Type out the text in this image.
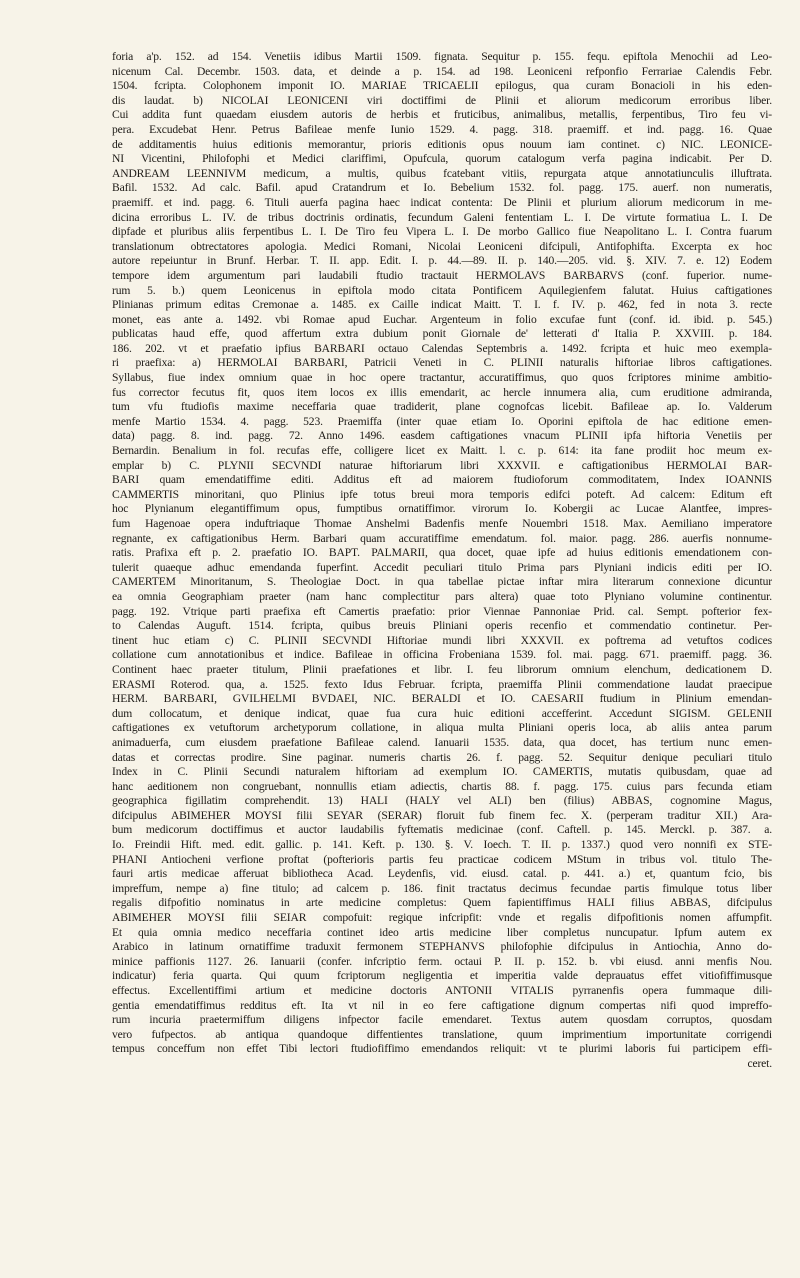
foria a'p. 152. ad 154. Venetiis idibus Martii 1509. fignata. Sequitur p. 155. fequ. epiftola Menochii ad Leo-
nicenum Cal. Decembr. 1503. data, et deinde a p. 154. ad 198. Leoniceni refponfio Ferrariae Calendis Febr.
1504. fcripta. Colophonem imponit IO. MARIAE TRICAELII epilogus, qua curam Bonacioli in his eden-
dis laudat. b) NICOLAI LEONICENI viri doctiffimi de Plinii et aliorum medicorum erroribus liber.
Cui addita funt quaedam eiusdem autoris de herbis et fruticibus, animalibus, metallis, ferpentibus, Tiro feu vi-
pera. Excudebat Henr. Petrus Bafileae menfe Iunio 1529. 4. pagg. 318. praemiff. et ind. pagg. 16. Quae
de additamentis huius editionis memorantur, prioris editionis opus nouum iam continet. c) NIC. LEONICE-
NI Vicentini, Philofophi et Medici clariffimi, Opufcula, quorum catalogum verfa pagina indicabit. Per D.
ANDREAM LEENNIVM medicum, a multis, quibus fcatebant vitiis, repurgata atque annotatiunculis illuftrata.
Bafil. 1532. Ad calc. Bafil. apud Cratandrum et Io. Bebelium 1532. fol. pagg. 175. auerf. non numeratis,
praemiff. et ind. pagg. 6. Tituli auerfa pagina haec indicat contenta: De Plinii et plurium aliorum medicorum in me-
dicina erroribus L. IV. de tribus doctrinis ordinatis, fecundum Galeni fententiam L. I. De virtute formatiua L. I. De
dipfade et pluribus aliis ferpentibus L. I. De Tiro feu Vipera L. I. De morbo Gallico fiue Neapolitano L. I. Contra fuarum
translationum obtrectatores apologia. Medici Romani, Nicolai Leoniceni difcipuli, Antifophifta. Excerpta ex hoc
autore repeiuntur in Brunf. Herbar. T. II. app. Edit. I. p. 44.—89. II. p. 140.—205. vid. §. XIV. 7. e. 12) Eodem
tempore idem argumentum pari laudabili ftudio tractauit HERMOLAVS BARBARVS (conf. fuperior. nume-
rum 5. b.) quem Leonicenus in epiftola modo citata Pontificem Aquilegienfem falutat. Huius caftigationes
Plinianas primum editas Cremonae a. 1485. ex Caille indicat Maitt. T. I. f. IV. p. 462, fed in nota 3. recte
monet, eas ante a. 1492. vbi Romae apud Euchar. Argenteum in folio excufae funt (conf. id. ibid. p. 545.)
publicatas haud effe, quod affertum extra dubium ponit Giornale de' letterati d' Italia P. XXVIII. p. 184.
186. 202. vt et praefatio ipfius BARBARI octauo Calendas Septembris a. 1492. fcripta et huic meo exempla-
ri praefixa: a) HERMOLAI BARBARI, Patricii Veneti in C. PLINII naturalis hiftoriae libros caftigationes.
Syllabus, fiue index omnium quae in hoc opere tractantur, accuratiffimus, quo quos fcriptores minime ambitio-
fus corrector fecutus fit, quos item locos ex illis emendarit, ac hercle innumera alia, cum eruditione admiranda,
tum vfu ftudiofis maxime neceffaria quae tradiderit, plane cognofcas licebit. Bafileae ap. Io. Valderum
menfe Martio 1534. 4. pagg. 523. Praemiffa (inter quae etiam Io. Oporini epiftola de hac editione emen-
data) pagg. 8. ind. pagg. 72. Anno 1496. easdem caftigationes vnacum PLINII ipfa hiftoria Venetiis per
Bernardin. Benalium in fol. recufas effe, colligere licet ex Maitt. l. c. p. 614: ita fane prodiit hoc meum ex-
emplar b) C. PLYNII SECVNDI naturae hiftoriarum libri XXXVII. e caftigationibus HERMOLAI BAR-
BARI quam emendatiffime editi. Additus eft ad maiorem ftudioforum commoditatem, Index IOANNIS
CAMMERTIS minoritani, quo Plinius ipfe totus breui mora temporis edifci poteft. Ad calcem: Editum eft
hoc Plynianum elegantiffimum opus, fumptibus ornatiffimor. virorum Io. Kobergii ac Lucae Alantfee, impres-
fum Hagenoae opera induftriaque Thomae Anshelmi Badenfis menfe Nouembri 1518. Max. Aemiliano imperatore
regnante, ex caftigationibus Herm. Barbari quam accuratiffime emendatum. fol. maior. pagg. 286. auerfis nonnume-
ratis. Prafixa eft p. 2. praefatio IO. BAPT. PALMARII, qua docet, quae ipfe ad huius editionis emendationem con-
tulerit quaeque adhuc emendanda fuperfint. Accedit peculiari titulo Prima pars Plyniani indicis editi per IO.
CAMERTEM Minoritanum, S. Theologiae Doct. in qua tabellae pictae inftar mira literarum connexione dicuntur
ea omnia Geographiam praeter (nam hanc complectitur pars altera) quae toto Plyniano volumine continentur.
pagg. 192. Vtrique parti praefixa eft Camertis praefatio: prior Viennae Pannoniae Prid. cal. Sempt. pofterior fex-
to Calendas Auguft. 1514. fcripta, quibus breuis Pliniani operis recenfio et commendatio continetur. Per-
tinent huc etiam c) C. PLINII SECVNDI Hiftoriae mundi libri XXXVII. ex poftrema ad vetuftos codices
collatione cum annotationibus et indice. Bafileae in officina Frobeniana 1539. fol. mai. pagg. 671. praemiff. pagg. 36.
Continent haec praeter titulum, Plinii praefationes et libr. I. feu librorum omnium elenchum, dedicationem D.
ERASMI Roterod. qua, a. 1525. fexto Idus Februar. fcripta, praemiffa Plinii commendatione laudat praecipue
HERM. BARBARI, GVILHELMI BVDAEI, NIC. BERALDI et IO. CAESARII ftudium in Plinium emendan-
dum collocatum, et denique indicat, quae fua cura huic editioni accefferint. Accedunt SIGISM. GELENII
caftigationes ex vetuftorum archetyporum collatione, in aliqua multa Pliniani operis loca, ab aliis antea parum
animaduerfa, cum eiusdem praefatione Bafileae calend. Ianuarii 1535. data, qua docet, has tertium nunc emen-
datas et correctas prodire. Sine paginar. numeris chartis 26. f. pagg. 52. Sequitur denique peculiari titulo
Index in C. Plinii Secundi naturalem hiftoriam ad exemplum IO. CAMERTIS, mutatis quibusdam, quae ad
hanc aeditionem non congruebant, nonnullis etiam adiectis, chartis 88. f. pagg. 175. cuius pars fecunda etiam
geographica figillatim comprehendit. 13) HALI (HALY vel ALI) ben (filius) ABBAS, cognomine Magus,
difcipulus ABIMEHER MOYSI filii SEYAR (SERAR) floruit fub finem fec. X. (perperam traditur XII.) Ara-
bum medicorum doctiffimus et auctor laudabilis fyftematis medicinae (conf. Caftell. p. 145. Merckl. p. 387. a.
Io. Freindii Hift. med. edit. gallic. p. 141. Keft. p. 130. §. V. Ioech. T. II. p. 1337.) quod vero nonnifi ex STE-
PHANI Antiocheni verfione proftat (pofterioris partis feu practicae codicem MStum in tribus vol. titulo The-
fauri artis medicae afferuat bibliotheca Acad. Leydenfis, vid. eiusd. catal. p. 441. a.) et, quantum fcio, bis
impreffum, nempe a) fine titulo; ad calcem p. 186. finit tractatus decimus fecundae partis fimulque totus liber
regalis difpofitio nominatus in arte medicine completus: Quem fapientiffimus HALI filius ABBAS, difcipulus
ABIMEHER MOYSI filii SEIAR compofuit: regique infcripfit: vnde et regalis difpofitionis nomen affumpfit.
Et quia omnia medico neceffaria continet ideo artis medicine liber completus nuncupatur. Ipfum autem ex
Arabico in latinum ornatiffime traduxit fermonem STEPHANVS philofophie difcipulus in Antiochia, Anno do-
minice paffionis 1127. 26. Ianuarii (confer. infcriptio ferm. octaui P. II. p. 152. b. vbi eiusd. anni menfis Nou.
indicatur) feria quarta. Qui quum fcriptorum negligentia et imperitia valde deprauatus effet vitiofiffimusque
effectus. Excellentiffimi artium et medicine doctoris ANTONII VITALIS pyrranenfis opera fummaque dili-
gentia emendatiffimus redditus eft. Ita vt nil in eo fere caftigatione dignum compertas nifi quod impreffo-
rum incuria praetermiffum diligens infpector facile emendaret. Textus autem quosdam corruptos, quosdam
vero fufpectos. ab antiqua quandoque diffentientes translatione, quum imprimentium importunitate corrigendi
tempus conceffum non effet Tibi lectori ftudiofiffimo emendandos reliquit: vt te plurimi laboris fui participem effi-
ceret.
